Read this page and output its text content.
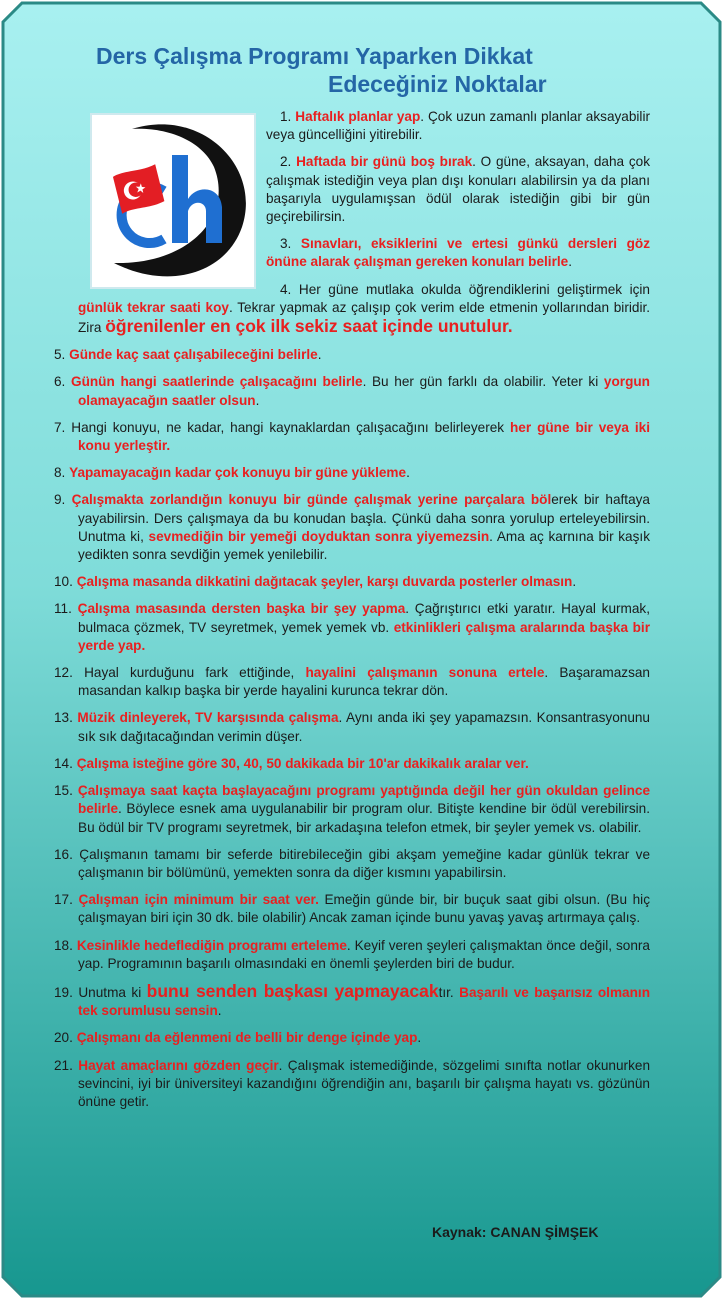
Ders Çalışma Programı Yaparken Dikkat
Edeceğiniz Noktalar
1. Haftalık planlar yap. Çok uzun zamanlı planlar aksayabilir veya güncelliğini yitirebilir.
2. Haftada bir günü boş bırak. O güne, aksayan, daha çok çalışmak istediğin veya plan dışı konuları alabilirsin ya da planı başarıyla uygulamışsan ödül olarak istediğin gibi bir gün geçirebilirsin.
3. Sınavları, eksiklerini ve ertesi günkü dersleri göz önüne alarak çalışman gereken konuları belirle.
4. Her güne mutlaka okulda öğrendiklerini geliştirmek için günlük tekrar saati koy. Tekrar yapmak az çalışıp çok verim elde etmenin yollarından biridir. Zira öğrenilenler en çok ilk sekiz saat içinde unutulur.
5. Günde kaç saat çalışabileceğini belirle.
6. Günün hangi saatlerinde çalışacağını belirle. Bu her gün farklı da olabilir. Yeter ki yorgun olamayacağın saatler olsun.
7. Hangi konuyu, ne kadar, hangi kaynaklardan çalışacağını belirleyerek her güne bir veya iki konu yerleştir.
8. Yapamayacağın kadar çok konuyu bir güne yükleme.
9. Çalışmakta zorlandığın konuyu bir günde çalışmak yerine parçalara bölerek bir haftaya yayabilirsin. Ders çalışmaya da bu konudan başla. Çünkü daha sonra yorulup erteleyebilirsin. Unutma ki, sevmediğin bir yemeği doyduktan sonra yiyemezsin. Ama aç karnına bir kaşık yedikten sonra sevdiğin yemek yenilebilir.
10. Çalışma masanda dikkatini dağıtacak şeyler, karşı duvarda posterler olmasın.
11. Çalışma masasında dersten başka bir şey yapma. Çağrıştırıcı etki yaratır. Hayal kurmak, bulmaca çözmek, TV seyretmek, yemek yemek vb. etkinlikleri çalışma aralarında başka bir yerde yap.
12. Hayal kurduğunu fark ettiğinde, hayalini çalışmanın sonuna ertele. Başaramazsan masandan kalkıp başka bir yerde hayalini kurunca tekrar dön.
13. Müzik dinleyerek, TV karşısında çalışma. Aynı anda iki şey yapamazsın. Konsantrasyonunu sık sık dağıtacağından verimin düşer.
14. Çalışma isteğine göre 30, 40, 50 dakikada bir 10'ar dakikalık aralar ver.
15. Çalışmaya saat kaçta başlayacağını programı yaptığında değil her gün okuldan gelince belirle. Böylece esnek ama uygulanabilir bir program olur. Bitişte kendine bir ödül verebilirsin. Bu ödül bir TV programı seyretmek, bir arkadaşına telefon etmek, bir şeyler yemek vs. olabilir.
16. Çalışmanın tamamı bir seferde bitirebileceğin gibi akşam yemeğine kadar günlük tekrar ve çalışmanın bir bölümünü, yemekten sonra da diğer kısmını yapabilirsin.
17. Çalışman için minimum bir saat ver. Emeğin günde bir, bir buçuk saat gibi olsun. (Bu hiç çalışmayan biri için 30 dk. bile olabilir) Ancak zaman içinde bunu yavaş yavaş artırmaya çalış.
18. Kesinlikle hedeflediğin programı erteleme. Keyif veren şeyleri çalışmaktan önce değil, sonra yap. Programının başarılı olmasındaki en önemli şeylerden biri de budur.
19. Unutma ki bunu senden başkası yapmayacaktır. Başarılı ve başarısız olmanın tek sorumlusu sensin.
20. Çalışmanı da eğlenmeni de belli bir denge içinde yap.
21. Hayat amaçlarını gözden geçir. Çalışmak istemediğinde, sözgelimi sınıfta notlar okunurken sevincini, iyi bir üniversiteyi kazandığını öğrendiğin anı, başarılı bir çalışma hayatı vs. gözünün önüne getir.
Kaynak: CANAN ŞİMŞEK
